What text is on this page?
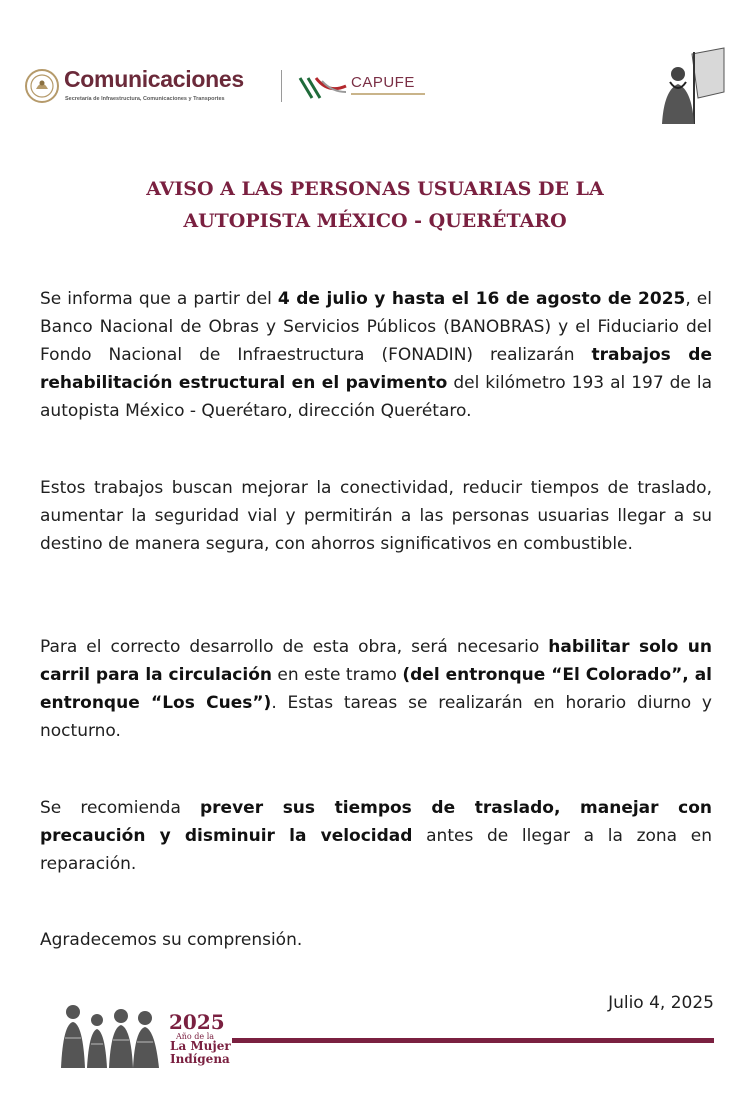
Comunicaciones
Secretaría de Infraestructura, Comunicaciones y Transportes
CAPUFE
AVISO A LAS PERSONAS USUARIAS DE LA
AUTOPISTA MÉXICO - QUERÉTARO

Se informa que a partir del 4 de julio y hasta el 16 de agosto de 2025, el Banco Nacional de Obras y Servicios Públicos (BANOBRAS) y el Fiduciario del Fondo Nacional de Infraestructura (FONADIN) realizarán trabajos de rehabilitación estructural en el pavimento del kilómetro 193 al 197 de la autopista México - Querétaro, dirección Querétaro.

Estos trabajos buscan mejorar la conectividad, reducir tiempos de traslado, aumentar la seguridad vial y permitirán a las personas usuarias llegar a su destino de manera segura, con ahorros significativos en combustible.

Para el correcto desarrollo de esta obra, será necesario habilitar solo un carril para la circulación en este tramo (del entronque “El Colorado”, al entronque “Los Cues”). Estas tareas se realizarán en horario diurno y nocturno.

Se recomienda prever sus tiempos de traslado, manejar con precaución y disminuir la velocidad antes de llegar a la zona en reparación.

Agradecemos su comprensión.

Julio 4, 2025
2025
Año de la
La Mujer
Indígena
